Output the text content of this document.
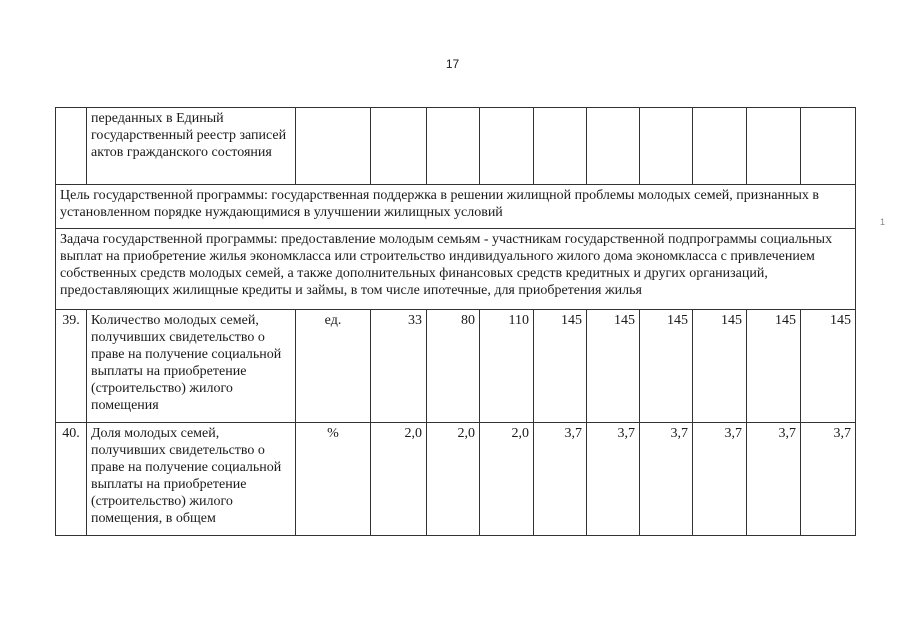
17
	переданных в Единый государственный реестр записей актов гражданского состояния										
Цель государственной программы: государственная поддержка в решении жилищной проблемы молодых семей, признанных в установленном порядке нуждающимися в улучшении жилищных условий											
Задача государственной программы: предоставление молодым семьям - участникам государственной подпрограммы социальных выплат на приобретение жилья экономкласса или строительство индивидуального жилого дома экономкласса с привлечением собственных средств молодых семей, а также дополнительных финансовых средств кредитных и других организаций, предоставляющих жилищные кредиты и займы, в том числе ипотечные, для приобретения жилья											
39.	Количество молодых семей, получивших свидетельство о праве на получение социальной выплаты на приобретение (строительство) жилого помещения	ед.	33	80	110	145	145	145	145	145	145
40.	Доля молодых семей, получивших свидетельство о праве на получение социальной выплаты на приобретение (строительство) жилого помещения, в общем	%	2,0	2,0	2,0	3,7	3,7	3,7	3,7	3,7	3,7
1
